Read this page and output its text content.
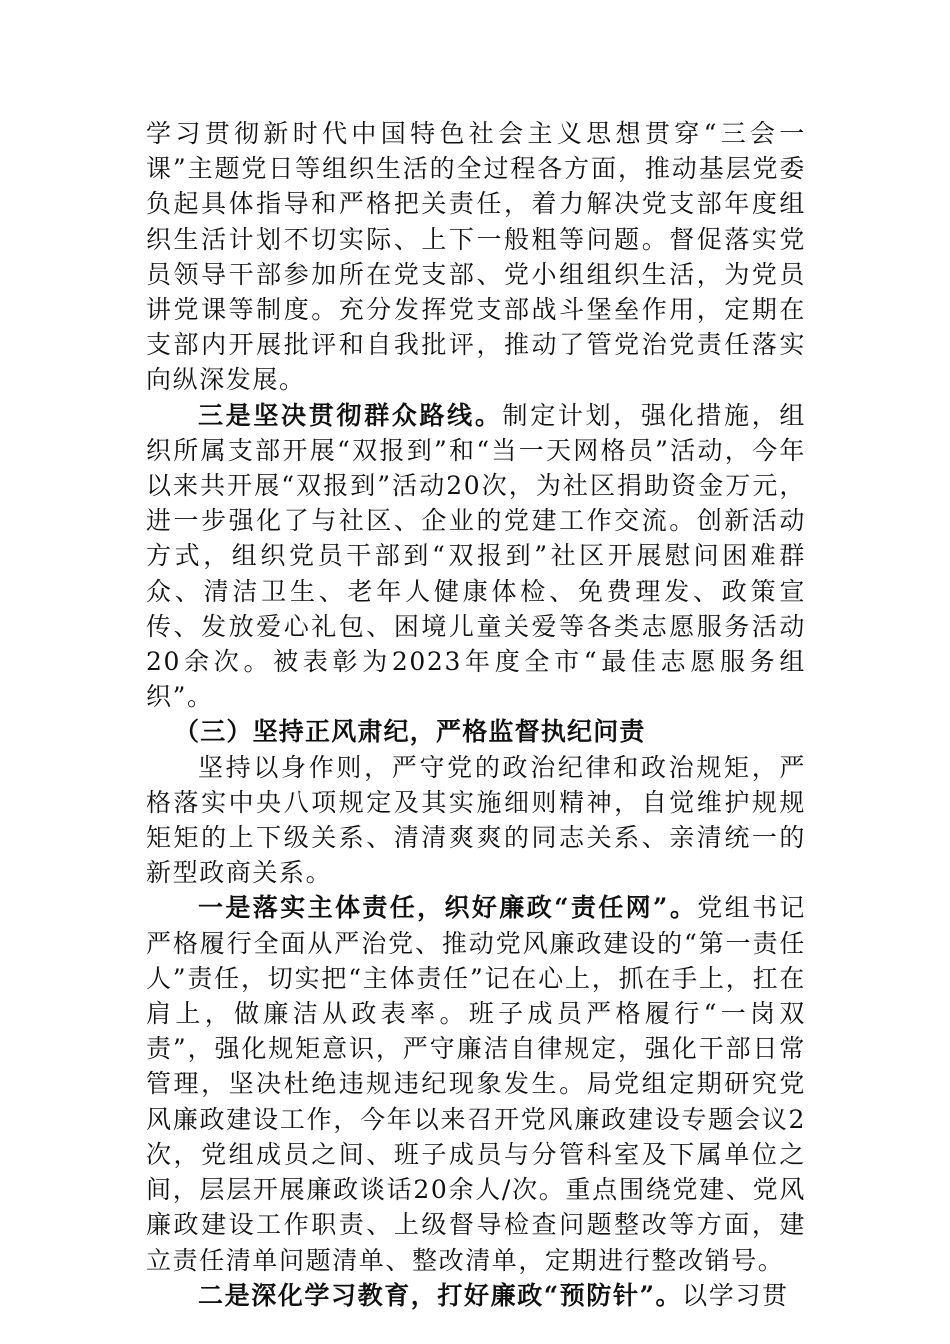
学习贯彻新时代中国特色社会主义思想贯穿“三会一课”主题党日等组织生活的全过程各方面，推动基层党委负起具体指导和严格把关责任，着力解决党支部年度组织生活计划不切实际、上下一般粗等问题。督促落实党员领导干部参加所在党支部、党小组组织生活，为党员讲党课等制度。充分发挥党支部战斗堡垒作用，定期在支部内开展批评和自我批评，推动了管党治党责任落实向纵深发展。

三是坚决贯彻群众路线。制定计划，强化措施，组织所属支部开展“双报到”和“当一天网格员”活动，今年以来共开展“双报到”活动20次，为社区捐助资金万元，进一步强化了与社区、企业的党建工作交流。创新活动方式，组织党员干部到“双报到”社区开展慰问困难群众、清洁卫生、老年人健康体检、免费理发、政策宣传、发放爱心礼包、困境儿童关爱等各类志愿服务活动20余次。被表彰为2023年度全市“最佳志愿服务组织”。

（三）坚持正风肃纪，严格监督执纪问责

坚持以身作则，严守党的政治纪律和政治规矩，严格落实中央八项规定及其实施细则精神，自觉维护规规矩矩的上下级关系、清清爽爽的同志关系、亲清统一的新型政商关系。

一是落实主体责任，织好廉政“责任网”。党组书记严格履行全面从严治党、推动党风廉政建设的“第一责任人”责任，切实把“主体责任”记在心上，抓在手上，扛在肩上，做廉洁从政表率。班子成员严格履行“一岗双责”，强化规矩意识，严守廉洁自律规定，强化干部日常管理，坚决杜绝违规违纪现象发生。局党组定期研究党风廉政建设工作，今年以来召开党风廉政建设专题会议2次，党组成员之间、班子成员与分管科室及下属单位之间，层层开展廉政谈话20余人/次。重点围绕党建、党风廉政建设工作职责、上级督导检查问题整改等方面，建立责任清单问题清单、整改清单，定期进行整改销号。

二是深化学习教育，打好廉政“预防针”。以学习贯
